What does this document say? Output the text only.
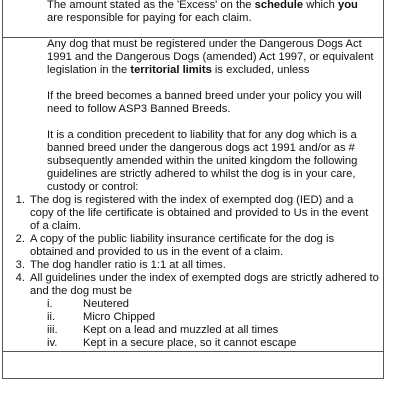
The amount stated as the 'Excess' on the schedule which you are responsible for paying for each claim.

Any dog that must be registered under the Dangerous Dogs Act 1991 and the Dangerous Dogs (amended) Act 1997, or equivalent legislation in the territorial limits is excluded, unless

If the breed becomes a banned breed under your policy you will need to follow ASP3 Banned Breeds.

It is a condition precedent to liability that for any dog which is a banned breed under the dangerous dogs act 1991 and/or as # subsequently amended within the united kingdom the following guidelines are strictly adhered to whilst the dog is in your care, custody or control:

1. The dog is registered with the index of exempted dog (IED) and a copy of the life certificate is obtained and provided to Us in the event of a claim.
2. A copy of the public liability insurance certificate for the dog is obtained and provided to us in the event of a claim.
3. The dog handler ratio is 1:1 at all times.
4. All guidelines under the index of exempted dogs are strictly adhered to and the dog must be
i.	Neutered
ii. Micro Chipped
iii. Kept on a lead and muzzled at all times
iv. Kept in a secure place, so it cannot escape
